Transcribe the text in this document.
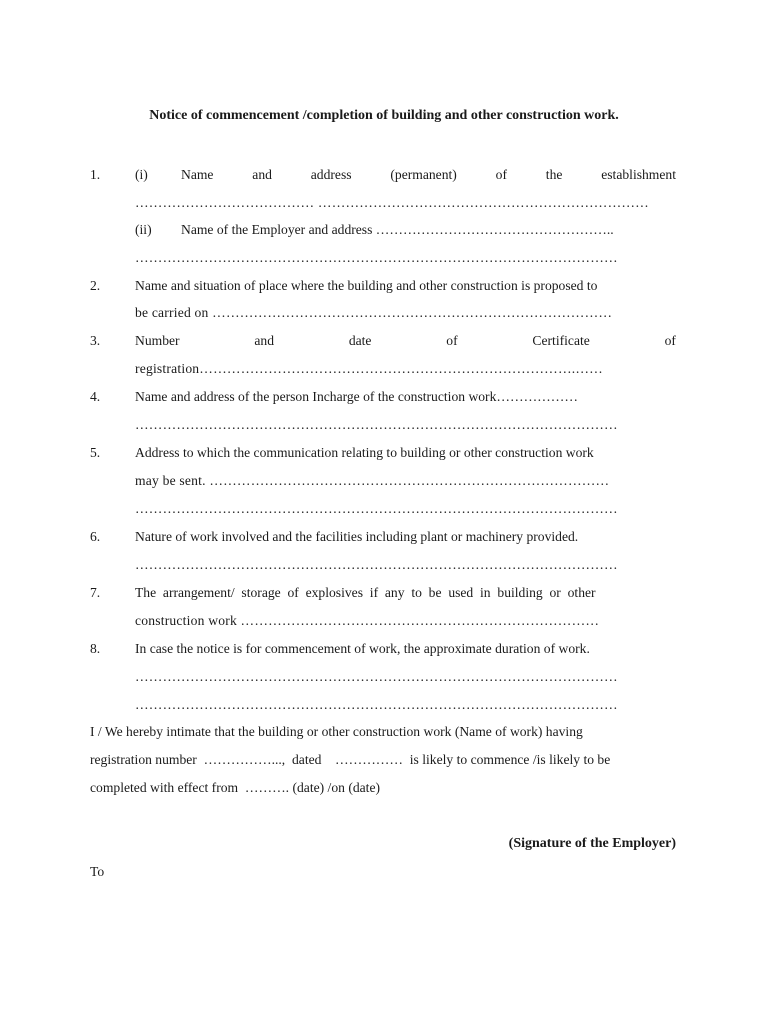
Notice of commencement /completion of building and other construction work.
1.	(i) Name	and	address	(permanent)	of	the	establishment
………………………………… ………………………………………………………………
(ii) Name of the Employer and address ……………………………………………..
……………………………………………………………………………………………
2.	Name and situation of place where the building and other construction is proposed to
be carried on ……………………………………………………………………………
3.	Number	and	date	of	Certificate	of
registration……………………………………………………………………….……
4.	Name and address of the person Incharge of the construction work………………
……………………………………………………………………………………………
5.	Address to which the communication relating to building or other construction work
may be sent. ……………………………………………………………………………
……………………………………………………………………………………………
6.	Nature of work involved and the facilities including plant or machinery provided.
……………………………………………………………………………………………
7.	The  arrangement/  storage  of  explosives  if  any  to  be  used  in  building  or  other
construction work ……………………………………………………………………
8.	In case the notice is for commencement of work, the approximate duration of work.
……………………………………………………………………………………………
……………………………………………………………………………………………
I / We hereby intimate that the building or other construction work (Name of work) having
registration number  ……………...,  dated    ……………  is likely to commence /is likely to be
completed with effect from  ………. (date) /on (date)
(Signature of the Employer)
To
